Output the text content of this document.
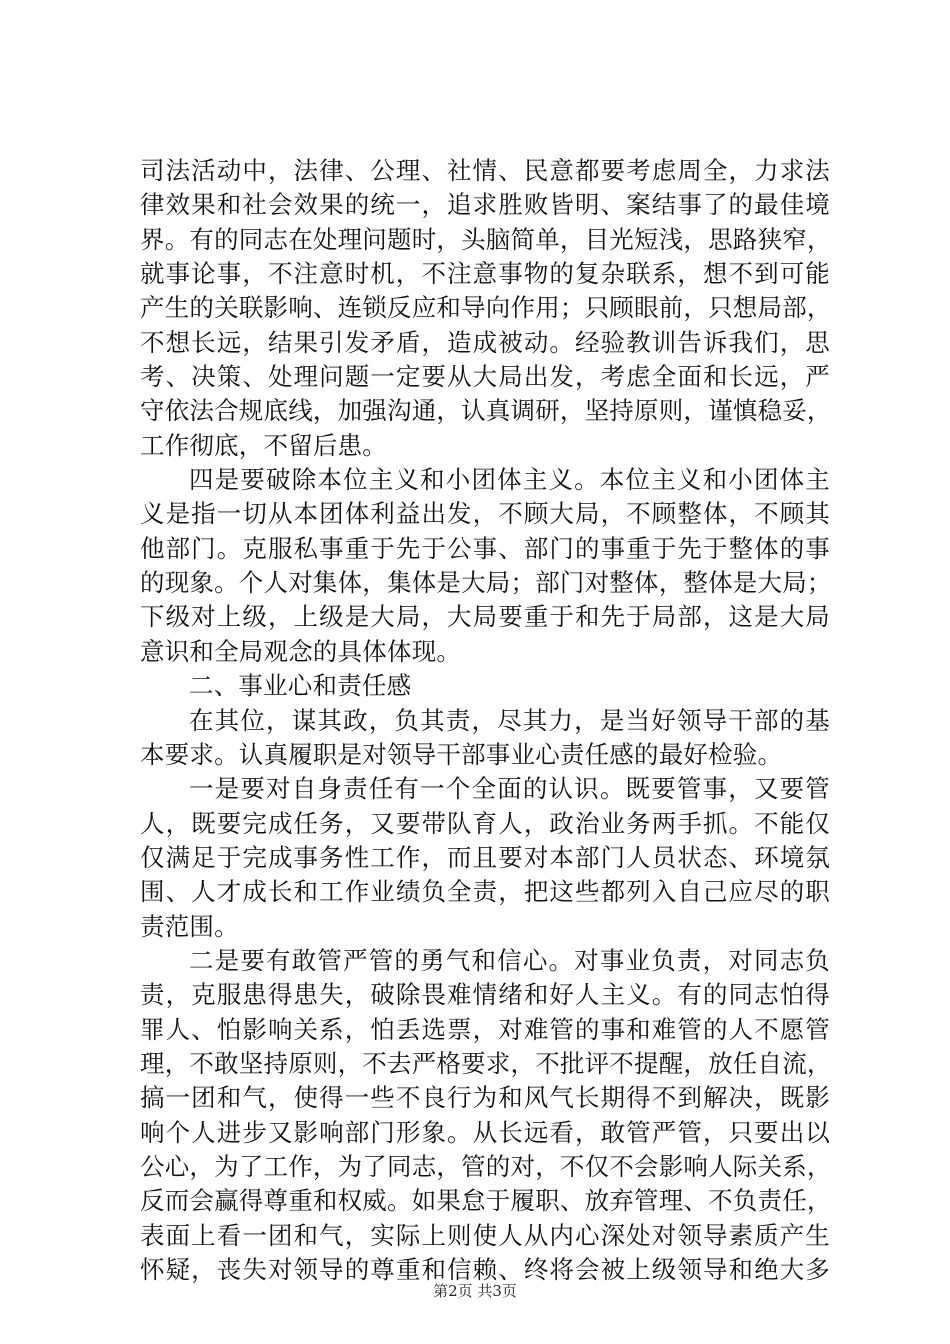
司法活动中，法律、公理、社情、民意都要考虑周全，力求法
律效果和社会效果的统一，追求胜败皆明、案结事了的最佳境
界。有的同志在处理问题时，头脑简单，目光短浅，思路狭窄，
就事论事，不注意时机，不注意事物的复杂联系，想不到可能
产生的关联影响、连锁反应和导向作用；只顾眼前，只想局部，
不想长远，结果引发矛盾，造成被动。经验教训告诉我们，思
考、决策、处理问题一定要从大局出发，考虑全面和长远，严
守依法合规底线，加强沟通，认真调研，坚持原则，谨慎稳妥，
工作彻底，不留后患。
四是要破除本位主义和小团体主义。本位主义和小团体主
义是指一切从本团体利益出发，不顾大局，不顾整体，不顾其
他部门。克服私事重于先于公事、部门的事重于先于整体的事
的现象。个人对集体，集体是大局；部门对整体，整体是大局；
下级对上级，上级是大局，大局要重于和先于局部，这是大局
意识和全局观念的具体体现。
二、事业心和责任感
在其位，谋其政，负其责，尽其力，是当好领导干部的基
本要求。认真履职是对领导干部事业心责任感的最好检验。
一是要对自身责任有一个全面的认识。既要管事，又要管
人，既要完成任务，又要带队育人，政治业务两手抓。不能仅
仅满足于完成事务性工作，而且要对本部门人员状态、环境氛
围、人才成长和工作业绩负全责，把这些都列入自己应尽的职
责范围。
二是要有敢管严管的勇气和信心。对事业负责，对同志负
责，克服患得患失，破除畏难情绪和好人主义。有的同志怕得
罪人、怕影响关系，怕丢选票，对难管的事和难管的人不愿管
理，不敢坚持原则，不去严格要求，不批评不提醒，放任自流，
搞一团和气，使得一些不良行为和风气长期得不到解决，既影
响个人进步又影响部门形象。从长远看，敢管严管，只要出以
公心，为了工作，为了同志，管的对，不仅不会影响人际关系，
反而会赢得尊重和权威。如果怠于履职、放弃管理、不负责任，
表面上看一团和气，实际上则使人从内心深处对领导素质产生
怀疑，丧失对领导的尊重和信赖、终将会被上级领导和绝大多
第2页 共3页
